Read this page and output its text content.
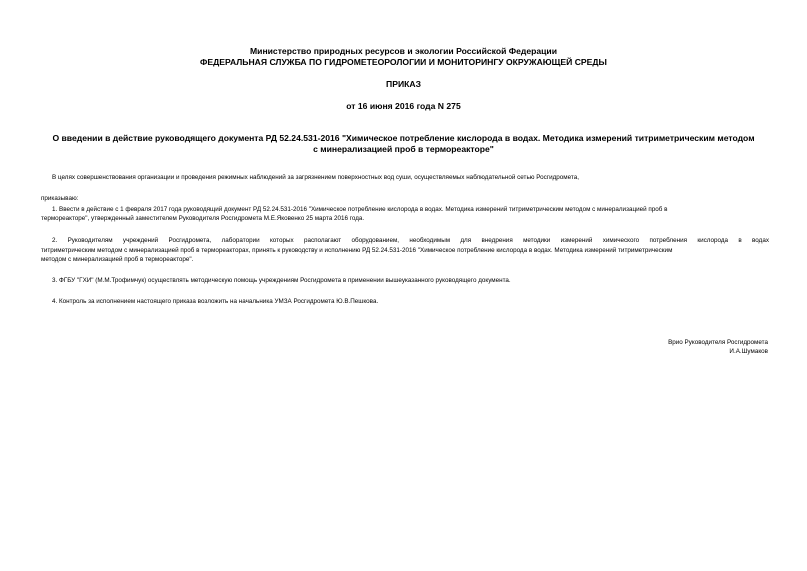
Министерство природных ресурсов и экологии Российской Федерации
ФЕДЕРАЛЬНАЯ СЛУЖБА ПО ГИДРОМЕТЕОРОЛОГИИ И МОНИТОРИНГУ ОКРУЖАЮЩЕЙ СРЕДЫ
ПРИКАЗ
от 16 июня 2016 года N 275
О введении в действие руководящего документа РД 52.24.531-2016 "Химическое потребление кислорода в водах. Методика измерений титриметрическим методом
с минерализацией проб в термореакторе"
В целях совершенствования организации и проведения режимных наблюдений за загрязнением поверхностных вод суши, осуществляемых наблюдательной сетью Росгидромета,
приказываю:
1. Ввести в действие с 1 февраля 2017 года руководящий документ РД 52.24.531-2016 "Химическое потребление кислорода в водах. Методика измерений титриметрическим методом с минерализацией проб в
термореакторе", утвержденный заместителем Руководителя Росгидромета М.Е.Яковенко 25 марта 2016 года.
2. Руководителям учреждений Росгидромета, лаборатории которых располагают оборудованием, необходимым для внедрения методики измерений химического потребления кислорода в водах
титриметрическим методом с минерализацией проб в термореакторах, принять к руководству и исполнению РД 52.24.531-2016 "Химическое потребление кислорода в водах. Методика измерений титриметрическим
методом с минерализацией проб в термореакторе".
3. ФГБУ "ГХИ" (М.М.Трофимчук) осуществлять методическую помощь учреждениям Росгидромета в применении вышеуказанного руководящего документа.
4. Контроль за исполнением настоящего приказа возложить на начальника УМЗА Росгидромета Ю.В.Пешкова.
Врио Руководителя Росгидромета
И.А.Шумаков
